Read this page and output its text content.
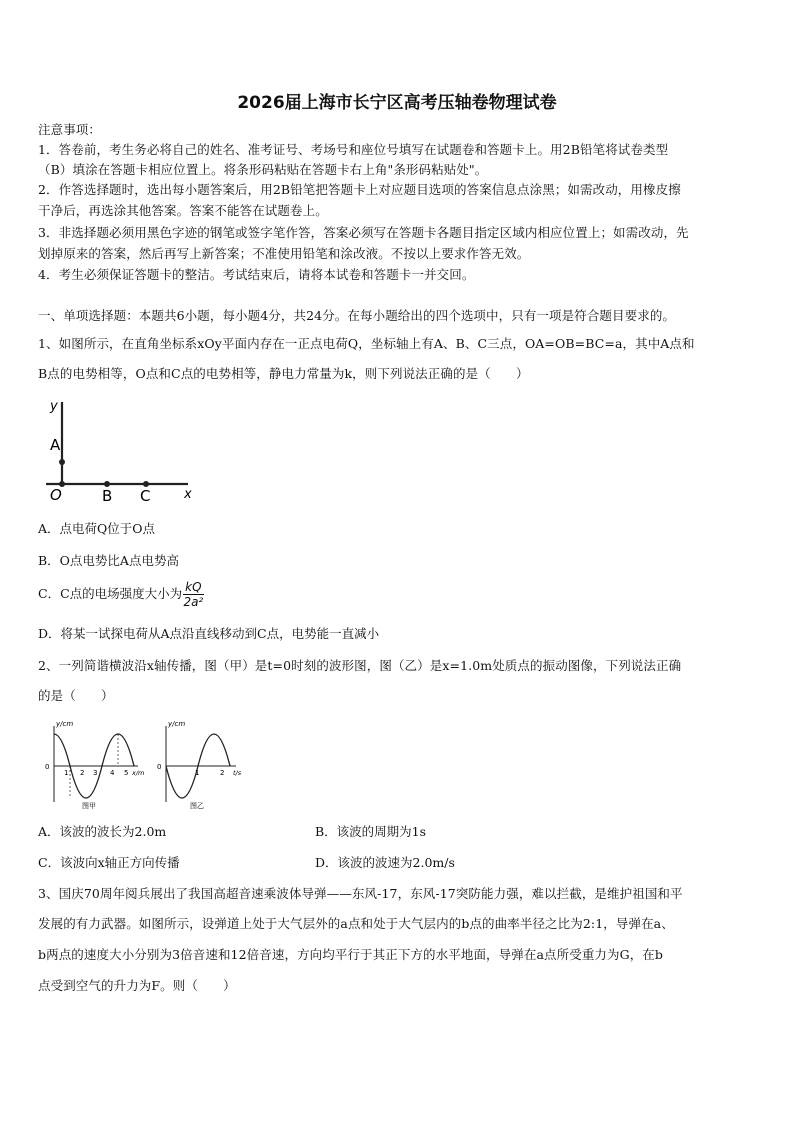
2026届上海市长宁区高考压轴卷物理试卷
注意事项：
1．答卷前，考生务必将自己的姓名、准考证号、考场号和座位号填写在试题卷和答题卡上。用2B铅笔将试卷类型
（B）填涂在答题卡相应位置上。将条形码粘贴在答题卡右上角"条形码粘贴处"。
2．作答选择题时，选出每小题答案后，用2B铅笔把答题卡上对应题目选项的答案信息点涂黑；如需改动，用橡皮擦
干净后，再选涂其他答案。答案不能答在试题卷上。
3．非选择题必须用黑色字迹的钢笔或签字笔作答，答案必须写在答题卡各题目指定区域内相应位置上；如需改动，先
划掉原来的答案，然后再写上新答案；不准使用铅笔和涂改液。不按以上要求作答无效。
4．考生必须保证答题卡的整洁。考试结束后，请将本试卷和答题卡一并交回。
一、单项选择题：本题共6小题，每小题4分，共24分。在每小题给出的四个选项中，只有一项是符合题目要求的。
1、如图所示，在直角坐标系xOy平面内存在一正点电荷Q，坐标轴上有A、B、C三点，OA=OB=BC=a，其中A点和
B点的电势相等，O点和C点的电势相等，静电力常量为k，则下列说法正确的是（　　）
y
A
O	B C	x
A．点电荷Q位于O点
B．O点电势比A点电势高
C．C点的电场强度大小为 $\frac{kQ}{\text{2a²}}$
D．将某一试探电荷从A点沿直线移动到C点，电势能一直减小
2、一列简谐横波沿x轴传播，图（甲）是t=0时刻的波形图，图（乙）是x=1.0m处质点的振动图像，下列说法正确
的是（　　）
y/cm
0
1 2 3 4 5 x/m
图甲
y/cm
0
1	2 t/s
图乙
A．该波的波长为2.0m	B．该波的周期为1s
C．该波向x轴正方向传播	D．该波的波速为2.0m/s
3、国庆70周年阅兵展出了我国高超音速乘波体导弹——东风-17，东风-17突防能力强，难以拦截，是维护祖国和平
发展的有力武器。如图所示，设弹道上处于大气层外的a点和处于大气层内的b点的曲率半径之比为2:1，导弹在a、
b两点的速度大小分别为3倍音速和12倍音速，方向均平行于其正下方的水平地面，导弹在a点所受重力为G，在b
点受到空气的升力为F。则（　　）
